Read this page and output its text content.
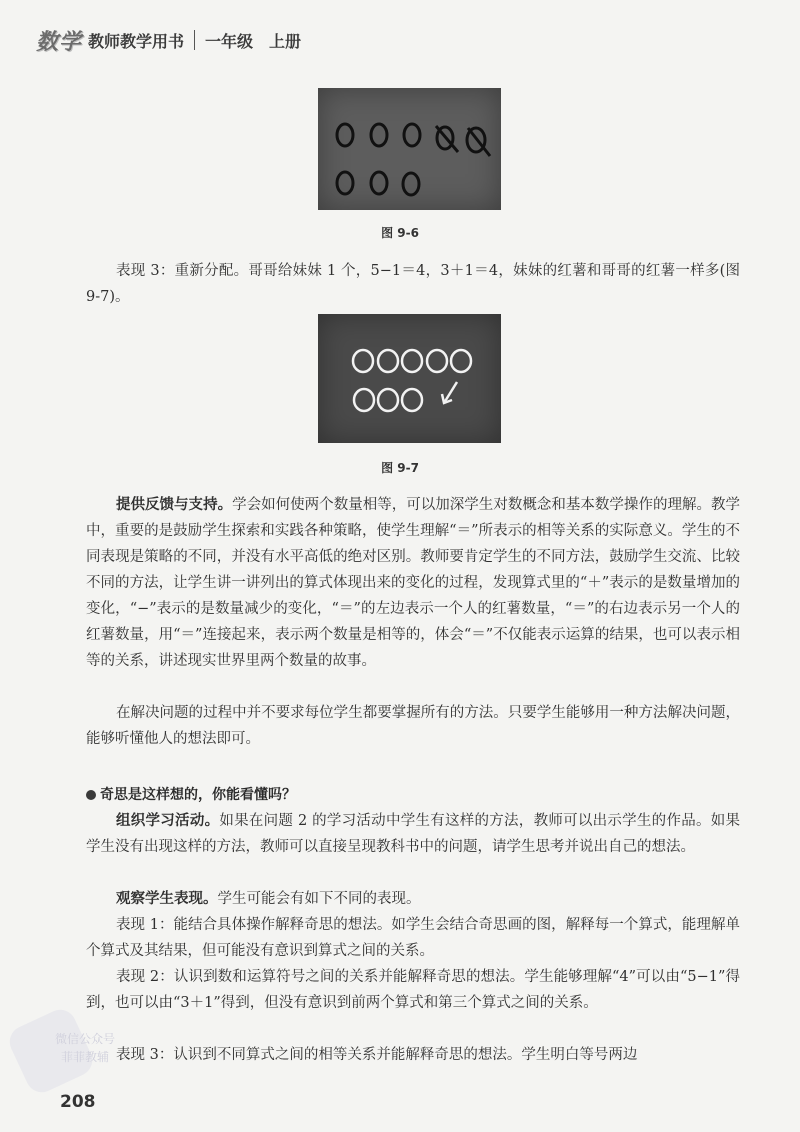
数学 教师教学用书 一年级　上册
图 9-6
表现 3：重新分配。哥哥给妹妹 1 个，5−1＝4，3＋1＝4，妹妹的红薯和哥哥的红薯一样多(图 9-7)。
图 9-7
提供反馈与支持。学会如何使两个数量相等，可以加深学生对数概念和基本数学操作的理解。教学中，重要的是鼓励学生探索和实践各种策略，使学生理解“＝”所表示的相等关系的实际意义。学生的不同表现是策略的不同，并没有水平高低的绝对区别。教师要肯定学生的不同方法，鼓励学生交流、比较不同的方法，让学生讲一讲列出的算式体现出来的变化的过程，发现算式里的“＋”表示的是数量增加的变化，“−”表示的是数量减少的变化，“＝”的左边表示一个人的红薯数量，“＝”的右边表示另一个人的红薯数量，用“＝”连接起来，表示两个数量是相等的，体会“＝”不仅能表示运算的结果，也可以表示相等的关系，讲述现实世界里两个数量的故事。
在解决问题的过程中并不要求每位学生都要掌握所有的方法。只要学生能够用一种方法解决问题，能够听懂他人的想法即可。
奇思是这样想的，你能看懂吗？
组织学习活动。如果在问题 2 的学习活动中学生有这样的方法，教师可以出示学生的作品。如果学生没有出现这样的方法，教师可以直接呈现教科书中的问题，请学生思考并说出自己的想法。
观察学生表现。学生可能会有如下不同的表现。
表现 1：能结合具体操作解释奇思的想法。如学生会结合奇思画的图，解释每一个算式，能理解单个算式及其结果，但可能没有意识到算式之间的关系。
表现 2：认识到数和运算符号之间的关系并能解释奇思的想法。学生能够理解“4”可以由“5−1”得到，也可以由“3＋1”得到，但没有意识到前两个算式和第三个算式之间的关系。
表现 3：认识到不同算式之间的相等关系并能解释奇思的想法。学生明白等号两边
微信公众号
菲菲教辅
208
